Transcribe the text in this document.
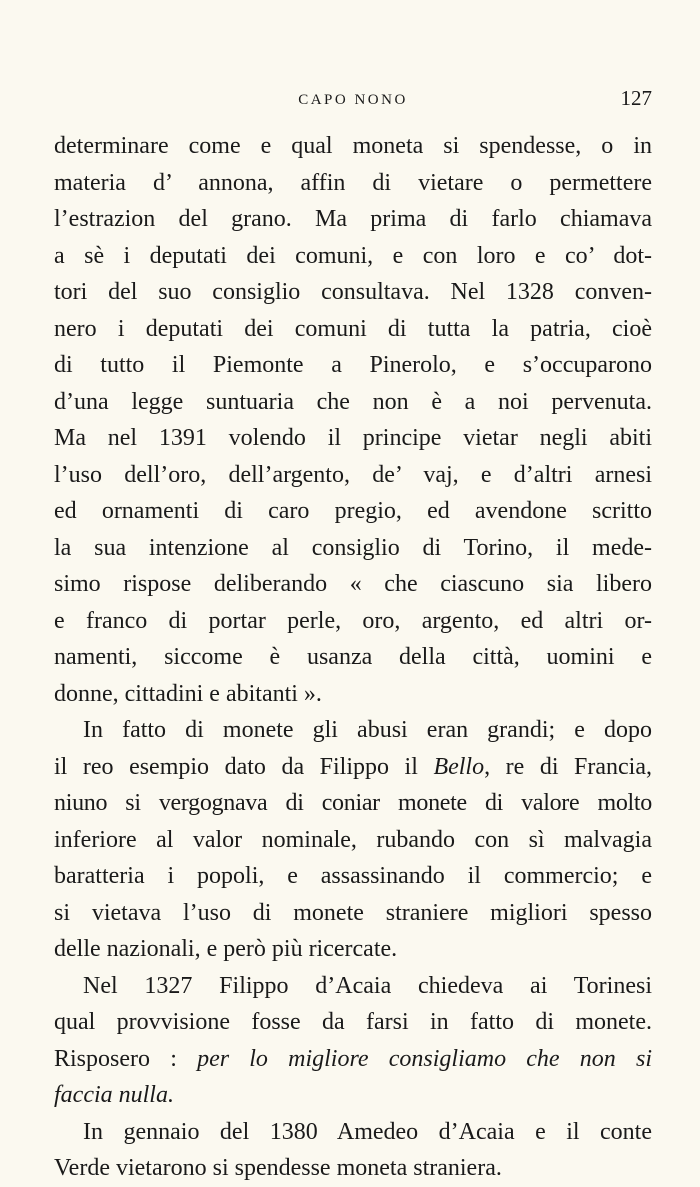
CAPO NONO	127
determinare come e qual moneta si spendesse, o in
materia d’ annona, affin di vietare o permettere
l’estrazion del grano. Ma prima di farlo chiamava
a sè i deputati dei comuni, e con loro e co’ dot-
tori del suo consiglio consultava. Nel 1328 conven-
nero i deputati dei comuni di tutta la patria, cioè
di tutto il Piemonte a Pinerolo, e s’occuparono
d’una legge suntuaria che non è a noi pervenuta.
Ma nel 1391 volendo il principe vietar negli abiti
l’uso dell’oro, dell’argento, de’ vaj, e d’altri arnesi
ed ornamenti di caro pregio, ed avendone scritto
la sua intenzione al consiglio di Torino, il mede-
simo rispose deliberando « che ciascuno sia libero
e franco di portar perle, oro, argento, ed altri or-
namenti, siccome è usanza della città, uomini e
donne, cittadini e abitanti ».
In fatto di monete gli abusi eran grandi; e dopo
il reo esempio dato da Filippo il Bello, re di Francia,
niuno si vergognava di coniar monete di valore molto
inferiore al valor nominale, rubando con sì malvagia
baratteria i popoli, e assassinando il commercio; e
si vietava l’uso di monete straniere migliori spesso
delle nazionali, e però più ricercate.
Nel 1327 Filippo d’Acaia chiedeva ai Torinesi
qual provvisione fosse da farsi in fatto di monete.
Risposero : per lo migliore consigliamo che non si
faccia nulla.
In gennaio del 1380 Amedeo d’Acaia e il conte
Verde vietarono si spendesse moneta straniera.
